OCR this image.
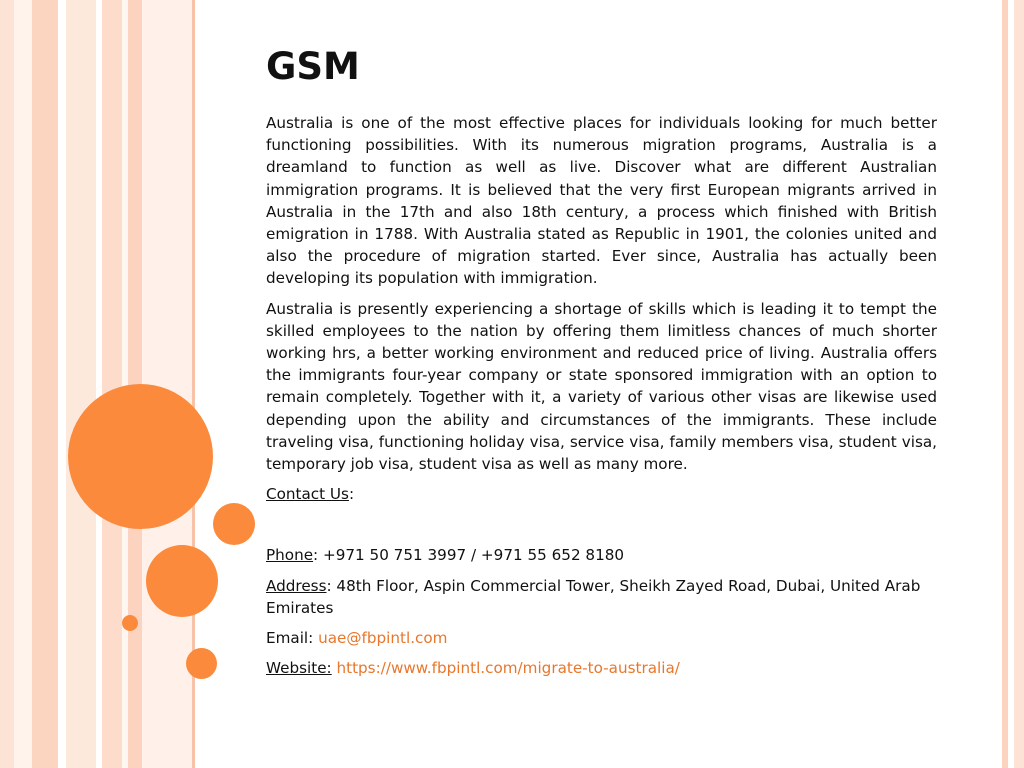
GSM

Australia is one of the most effective places for individuals looking for much better functioning possibilities. With its numerous migration programs, Australia is a dreamland to function as well as live. Discover what are different Australian immigration programs. It is believed that the very first European migrants arrived in Australia in the 17th and also 18th century, a process which finished with British emigration in 1788. With Australia stated as Republic in 1901, the colonies united and also the procedure of migration started. Ever since, Australia has actually been developing its population with immigration.

Australia is presently experiencing a shortage of skills which is leading it to tempt the skilled employees to the nation by offering them limitless chances of much shorter working hrs, a better working environment and reduced price of living. Australia offers the immigrants four-year company or state sponsored immigration with an option to remain completely. Together with it, a variety of various other visas are likewise used depending upon the ability and circumstances of the immigrants. These include traveling visa, functioning holiday visa, service visa, family members visa, student visa, temporary job visa, student visa as well as many more.

Contact Us:

Phone: +971 50 751 3997 / +971 55 652 8180

Address: 48th Floor, Aspin Commercial Tower, Sheikh Zayed Road, Dubai, United Arab Emirates

Email: uae@fbpintl.com

Website: https://www.fbpintl.com/migrate-to-australia/
